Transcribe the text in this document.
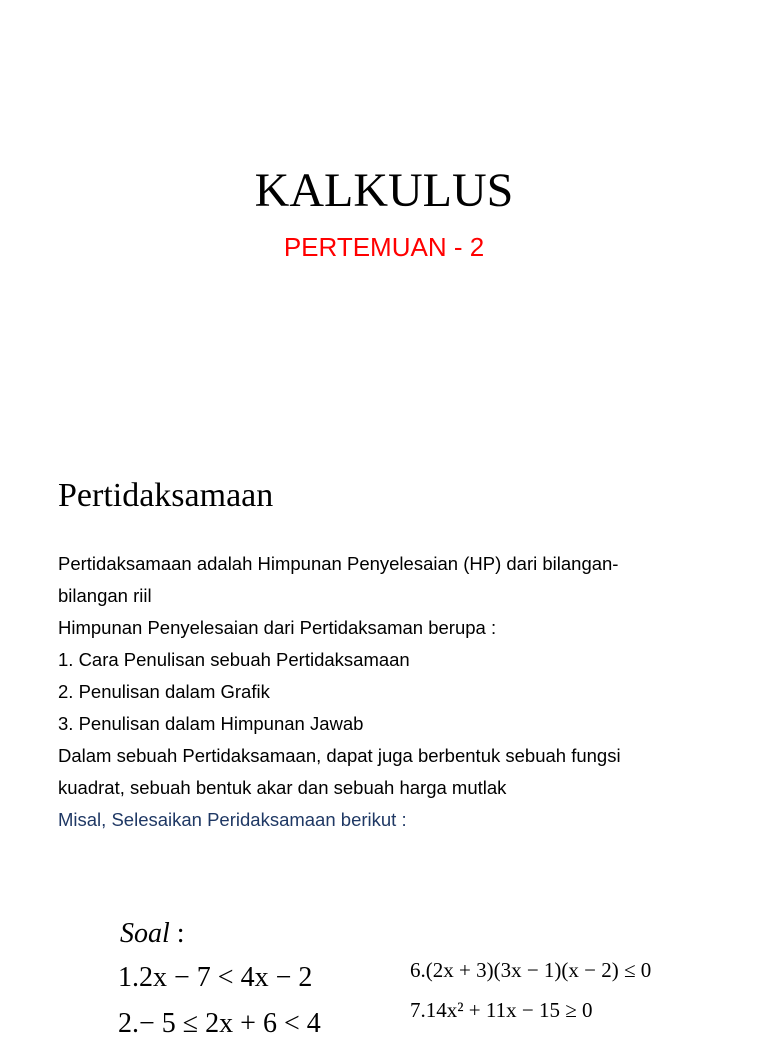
KALKULUS
PERTEMUAN - 2
Pertidaksamaan
Pertidaksamaan adalah Himpunan Penyelesaian (HP) dari bilangan-
bilangan riil
Himpunan Penyelesaian dari Pertidaksaman berupa :
1. Cara Penulisan sebuah Pertidaksamaan
2. Penulisan dalam Grafik
3. Penulisan dalam Himpunan Jawab
Dalam sebuah Pertidaksamaan, dapat juga berbentuk sebuah fungsi
kuadrat, sebuah bentuk akar dan sebuah harga mutlak
Misal, Selesaikan Peridaksamaan berikut :
Soal :
1.2x − 7 < 4x − 2
2.− 5 ≤ 2x + 6 < 4
6.(2x + 3)(3x − 1)(x − 2) ≤ 0
7.14x² + 11x − 15 ≥ 0
